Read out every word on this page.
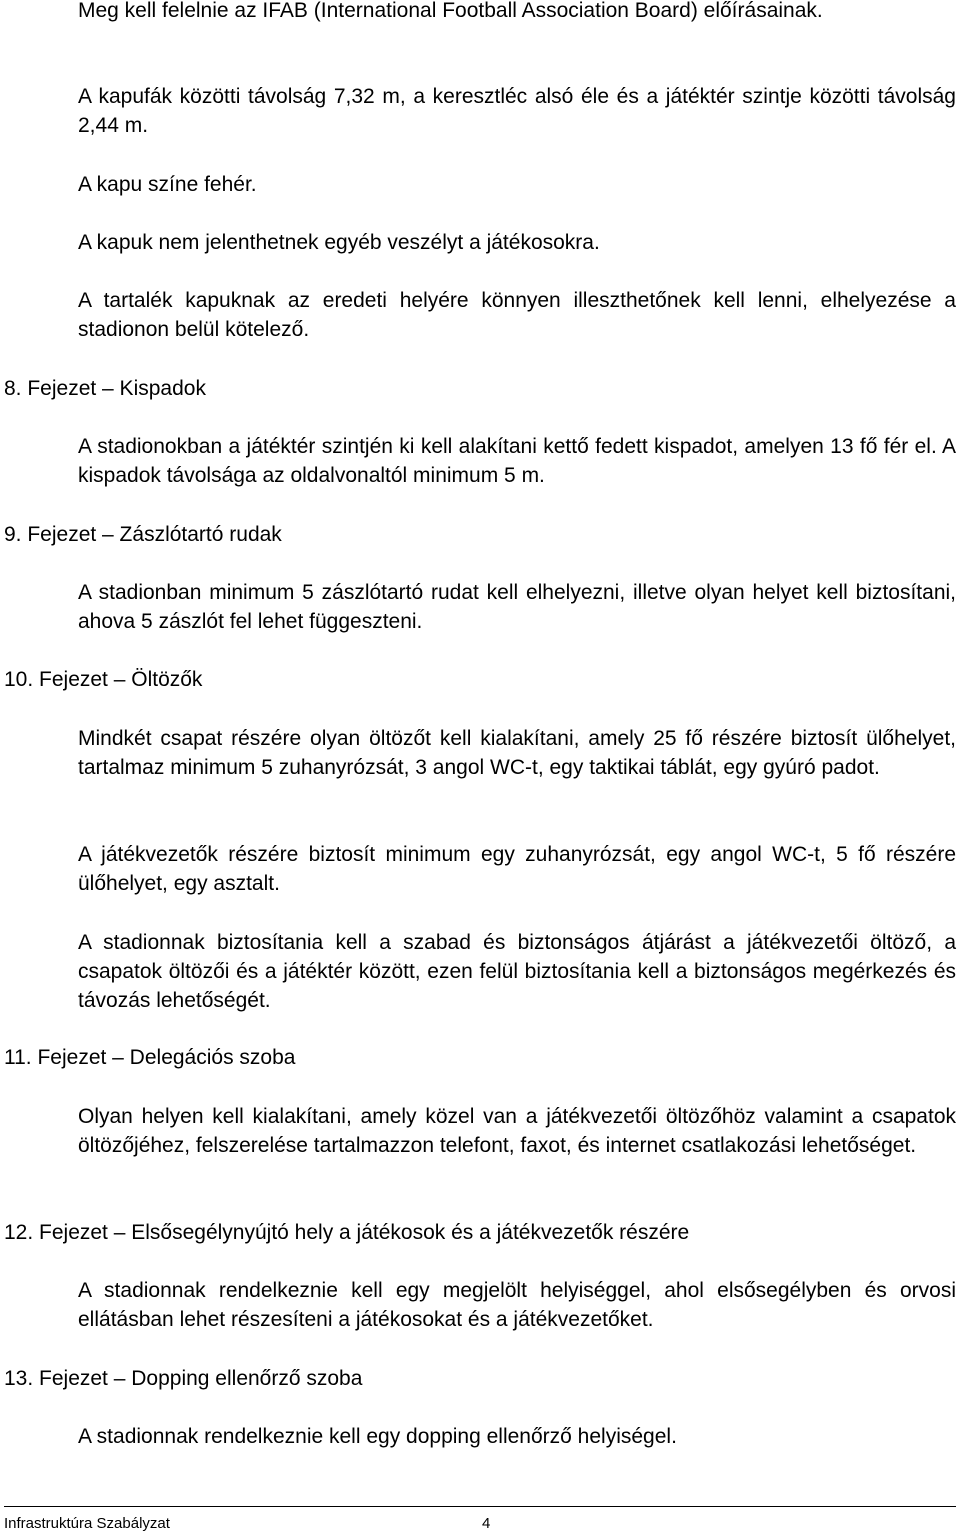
Meg kell felelnie az IFAB (International Football Association Board) előírásainak.

A kapufák közötti távolság 7,32 m, a keresztléc alsó éle és a játéktér szintje közötti távolság 2,44 m.

A kapu színe fehér.

A kapuk nem jelenthetnek egyéb veszélyt a játékosokra.

A tartalék kapuknak az eredeti helyére könnyen illeszthetőnek kell lenni, elhelyezése a stadionon belül kötelező.

8. Fejezet – Kispadok

A stadionokban a játéktér szintjén ki kell alakítani kettő fedett kispadot, amelyen 13 fő fér el. A kispadok távolsága az oldalvonaltól minimum 5 m.

9. Fejezet – Zászlótartó rudak

A stadionban minimum 5 zászlótartó rudat kell elhelyezni, illetve olyan helyet kell biztosítani, ahova 5 zászlót fel lehet függeszteni.

10. Fejezet – Öltözők

Mindkét csapat részére olyan öltözőt kell kialakítani, amely 25 fő részére biztosít ülőhelyet, tartalmaz minimum 5 zuhanyrózsát, 3 angol WC-t, egy taktikai táblát, egy gyúró padot.

A játékvezetők részére biztosít minimum egy zuhanyrózsát, egy angol WC-t, 5 fő részére ülőhelyet, egy asztalt.

A stadionnak biztosítania kell a szabad és biztonságos átjárást a játékvezetői öltöző, a csapatok öltözői és a játéktér között, ezen felül biztosítania kell a biztonságos megérkezés és távozás lehetőségét.

11. Fejezet – Delegációs szoba

Olyan helyen kell kialakítani, amely közel van a játékvezetői öltözőhöz valamint a csapatok öltözőjéhez, felszerelése tartalmazzon telefont, faxot, és internet csatlakozási lehetőséget.

12. Fejezet – Elsősegélynyújtó hely a játékosok és a játékvezetők részére

A stadionnak rendelkeznie kell egy megjelölt helyiséggel, ahol elsősegélyben és orvosi ellátásban lehet részesíteni a játékosokat és a játékvezetőket.

13. Fejezet – Dopping ellenőrző szoba

A stadionnak rendelkeznie kell egy dopping ellenőrző helyiségel.

Infrastruktúra Szabályzat	4
